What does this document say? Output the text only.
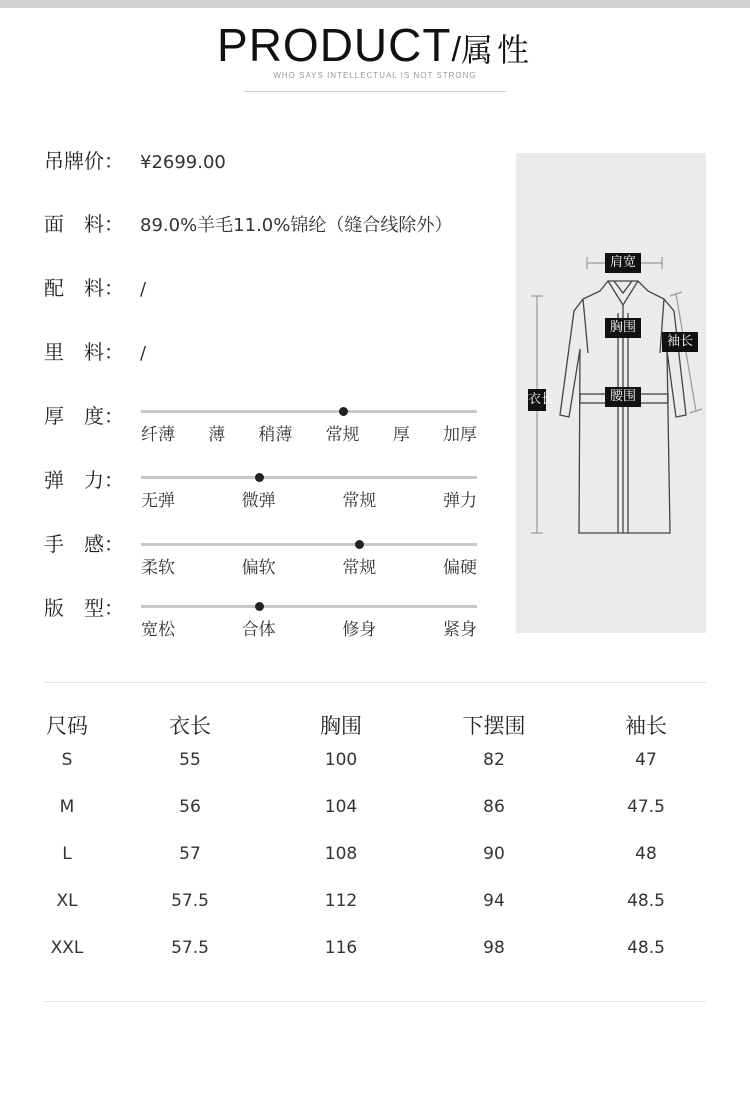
PRODUCT/属性
WHO SAYS INTELLECTUAL IS NOT STRONG
吊牌价： ¥2699.00
面　料： 89.0%羊毛11.0%锦纶（缝合线除外）
配　料： /
里　料： /
厚　度：
纤薄 薄 稍薄 常规 厚 加厚
弹　力：
无弹	微弹	常规	弹力
手　感：
柔软	偏软	常规	偏硬
版　型：
宽松	合体	修身	紧身
肩宽
胸围
袖长
腰围
衣长
尺码	衣长	胸围	下摆围	袖长
S	55	100	82	47
M	56	104	86	47.5
L	57	108	90	48
XL	57.5	112	94	48.5
XXL	57.5	116	98	48.5
